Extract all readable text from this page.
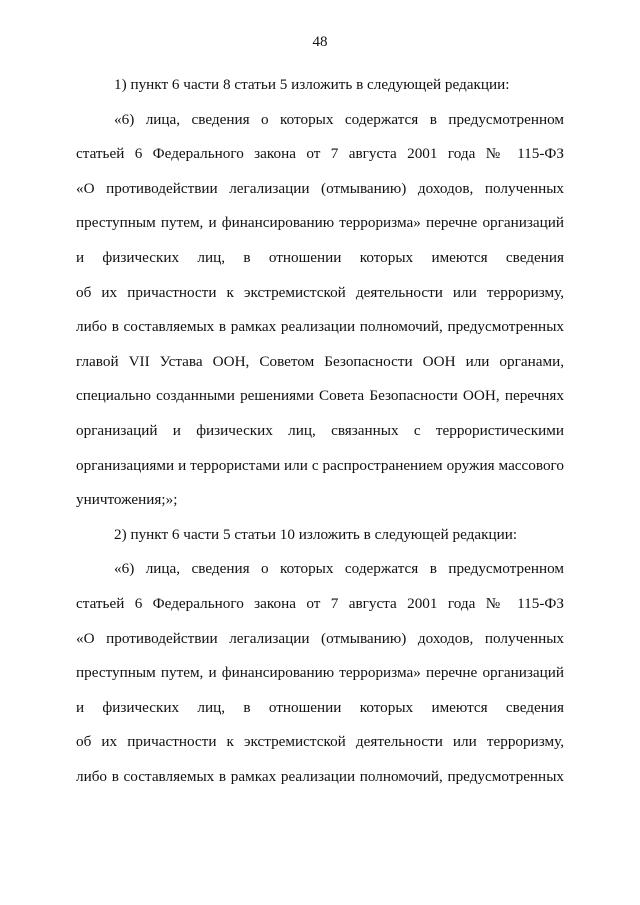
48

1) пункт 6 части 8 статьи 5 изложить в следующей редакции:

«6) лица, сведения о которых содержатся в предусмотренном
статьей 6 Федерального закона от 7 августа 2001 года № 115-ФЗ
«О противодействии легализации (отмыванию) доходов, полученных
преступным путем, и финансированию терроризма» перечне организаций
и физических лиц, в отношении которых имеются сведения
об их причастности к экстремистской деятельности или терроризму,
либо в составляемых в рамках реализации полномочий, предусмотренных
главой VII Устава ООН, Советом Безопасности ООН или органами,
специально созданными решениями Совета Безопасности ООН, перечнях
организаций и физических лиц, связанных с террористическими
организациями и террористами или с распространением оружия массового
уничтожения;»;

2) пункт 6 части 5 статьи 10 изложить в следующей редакции:

«6) лица, сведения о которых содержатся в предусмотренном
статьей 6 Федерального закона от 7 августа 2001 года № 115-ФЗ
«О противодействии легализации (отмыванию) доходов, полученных
преступным путем, и финансированию терроризма» перечне организаций
и физических лиц, в отношении которых имеются сведения
об их причастности к экстремистской деятельности или терроризму,
либо в составляемых в рамках реализации полномочий, предусмотренных
